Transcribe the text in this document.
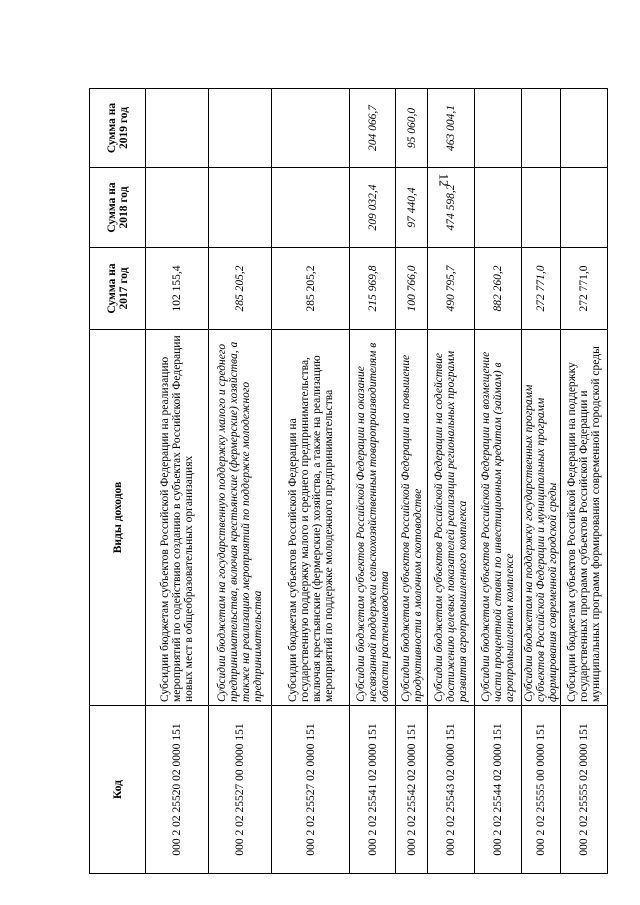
12
Код	Виды доходов	Сумма на 2017 год	Сумма на 2018 год	Сумма на 2019 год
000 2 02 25520 02 0000 151	Субсидии бюджетам субъектов Российской Федерации на реализацию мероприятий по содействию созданию в субъектах Российской Федерации новых мест в общеобразовательных организациях	102 155,4		
000 2 02 25527 00 0000 151	Субсидии бюджетам на государственную поддержку малого и среднего предпринимательства, включая крестьянские (фермерские) хозяйства, а также на реализацию мероприятий по поддержке молодежного предпринимательства	285 205,2		
000 2 02 25527 02 0000 151	Субсидии бюджетам субъектов Российской Федерации на государственную поддержку малого и среднего предпринимательства, включая крестьянские (фермерские) хозяйства, а также на реализацию мероприятий по поддержке молодежного предпринимательства	285 205,2		
000 2 02 25541 02 0000 151	Субсидии бюджетам субъектов Российской Федерации на оказание несвязанной поддержки сельскохозяйственным товаропроизводителям в области растениеводства	215 969,8	209 032,4	204 066,7
000 2 02 25542 02 0000 151	Субсидии бюджетам субъектов Российской Федерации на повышение продуктивности в молочном скотоводстве	100 766,0	97 440,4	95 060,0
000 2 02 25543 02 0000 151	Субсидии бюджетам субъектов Российской Федерации на содействие достижению целевых показателей реализации региональных программ развития агропромышленного комплекса	490 795,7	474 598,2	463 004,1
000 2 02 25544 02 0000 151	Субсидии бюджетам субъектов Российской Федерации на возмещение части процентной ставки по инвестиционным кредитам (займам) в агропромышленном комплексе	882 260,2		
000 2 02 25555 00 0000 151	Субсидии бюджетам на поддержку государственных программ субъектов Российской Федерации и муниципальных программ формирования современной городской среды	272 771,0		
000 2 02 25555 02 0000 151	Субсидии бюджетам субъектов Российской Федерации на поддержку государственных программ субъектов Российской Федерации и муниципальных программ формирования современной городской среды	272 771,0		
